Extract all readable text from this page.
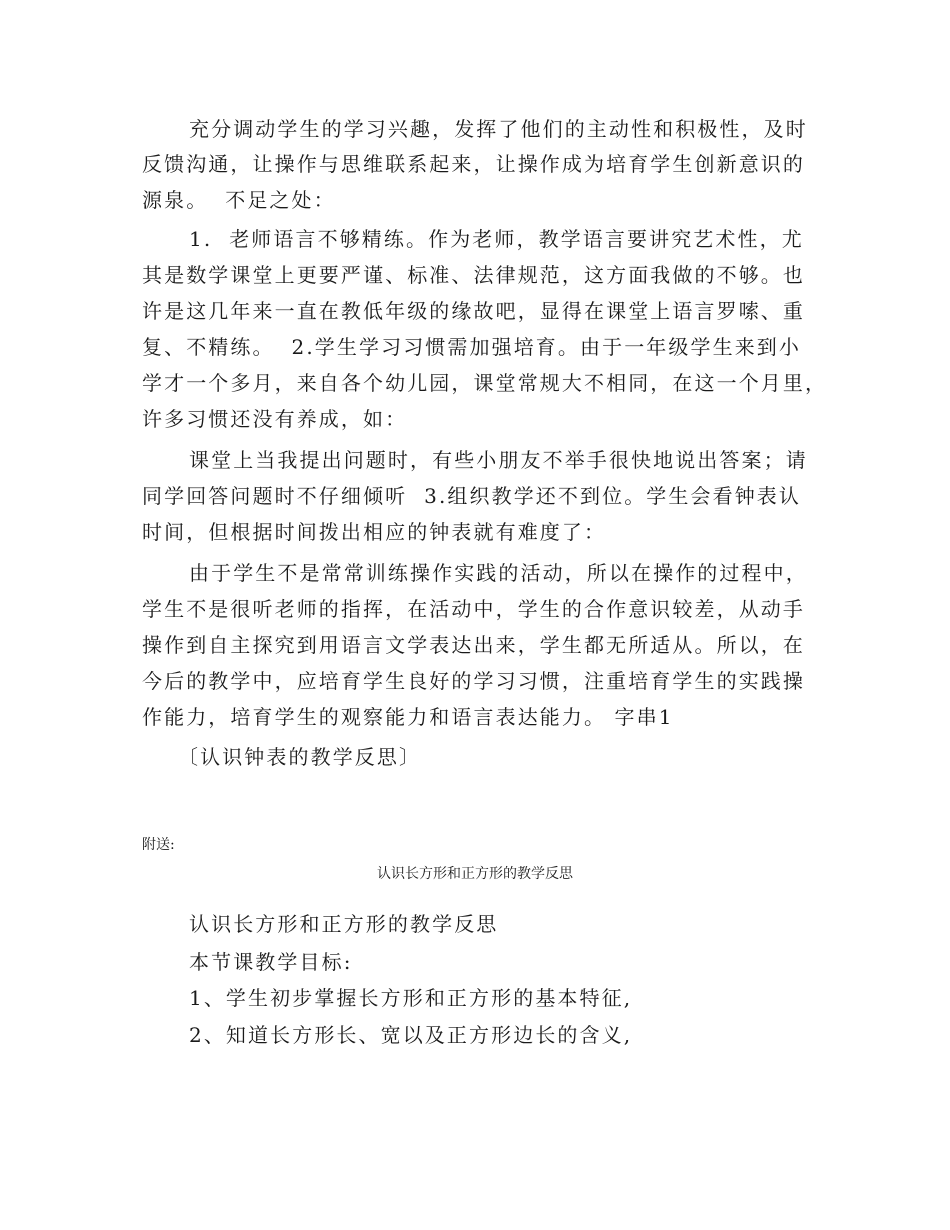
充分调动学生的学习兴趣，发挥了他们的主动性和积极性，及时
反馈沟通，让操作与思维联系起来，让操作成为培育学生创新意识的
源泉。  不足之处：
1.  老师语言不够精练。作为老师，教学语言要讲究艺术性，尤
其是数学课堂上更要严谨、标准、法律规范，这方面我做的不够。也
许是这几年来一直在教低年级的缘故吧，显得在课堂上语言罗嗦、重
复、不精练。  2.学生学习习惯需加强培育。由于一年级学生来到小
学才一个多月，来自各个幼儿园，课堂常规大不相同，在这一个月里，
许多习惯还没有养成，如：
课堂上当我提出问题时，有些小朋友不举手很快地说出答案；请
同学回答问题时不仔细倾听  3.组织教学还不到位。学生会看钟表认
时间，但根据时间拨出相应的钟表就有难度了：
由于学生不是常常训练操作实践的活动，所以在操作的过程中，
学生不是很听老师的指挥，在活动中，学生的合作意识较差，从动手
操作到自主探究到用语言文学表达出来，学生都无所适从。所以，在
今后的教学中，应培育学生良好的学习习惯，注重培育学生的实践操
作能力，培育学生的观察能力和语言表达能力。 字串1
〔认识钟表的教学反思〕
附送:
认识长方形和正方形的教学反思
认识长方形和正方形的教学反思
本节课教学目标:
1、学生初步掌握长方形和正方形的基本特征,
2、知道长方形长、宽以及正方形边长的含义,
